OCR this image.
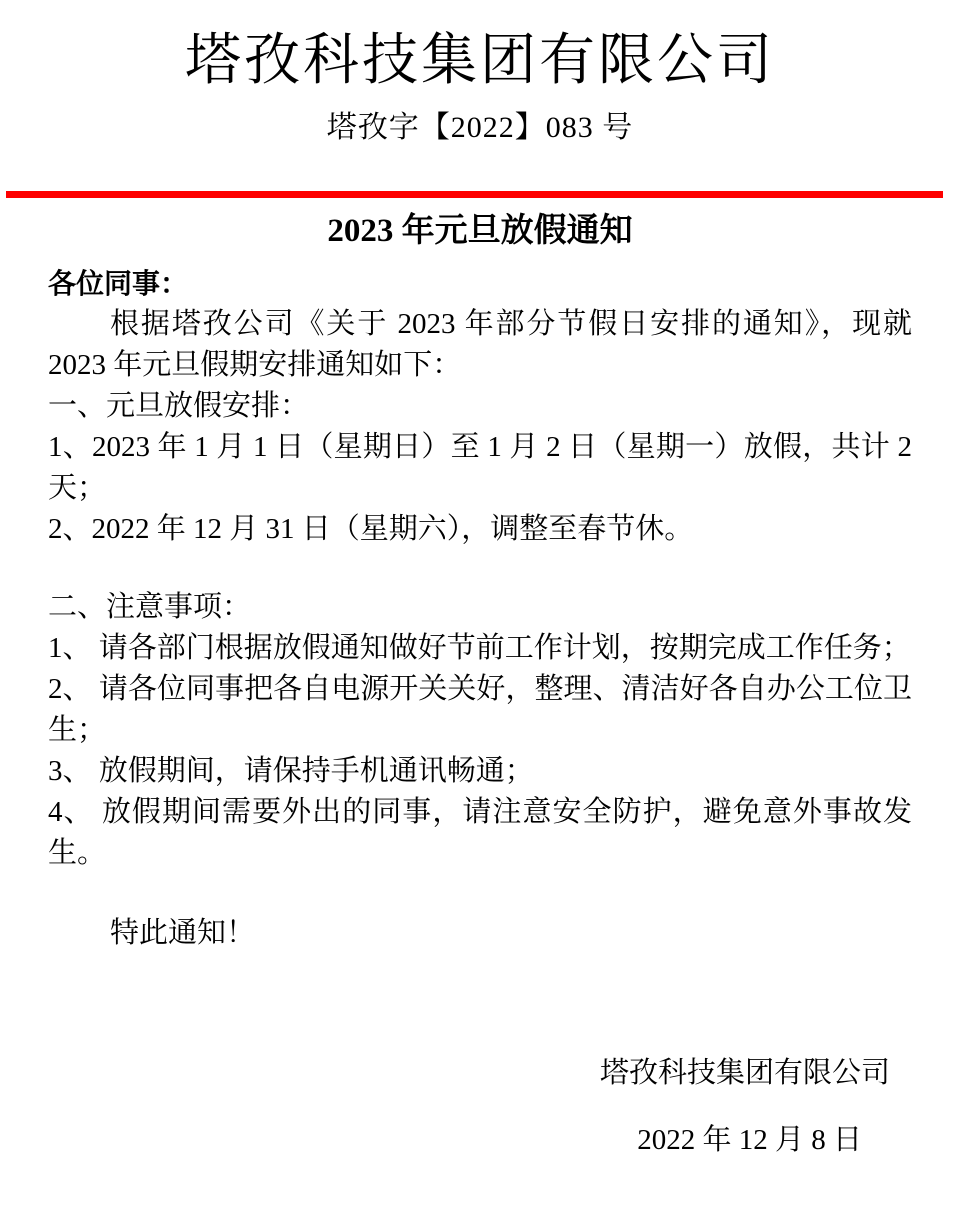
塔孜科技集团有限公司
塔孜字【2022】083 号
2023 年元旦放假通知
各位同事：
根据塔孜公司《关于 2023 年部分节假日安排的通知》，现就 2023 年元旦假期安排通知如下：
一、元旦放假安排：
1、2023 年 1 月 1 日（星期日）至 1 月 2 日（星期一）放假，共计 2 天；
2、2022 年 12 月 31 日（星期六），调整至春节休。
二、注意事项：
1、 请各部门根据放假通知做好节前工作计划，按期完成工作任务；
2、 请各位同事把各自电源开关关好，整理、清洁好各自办公工位卫生；
3、 放假期间，请保持手机通讯畅通；
4、 放假期间需要外出的同事，请注意安全防护，避免意外事故发生。
特此通知！
塔孜科技集团有限公司
2022 年 12 月 8 日
